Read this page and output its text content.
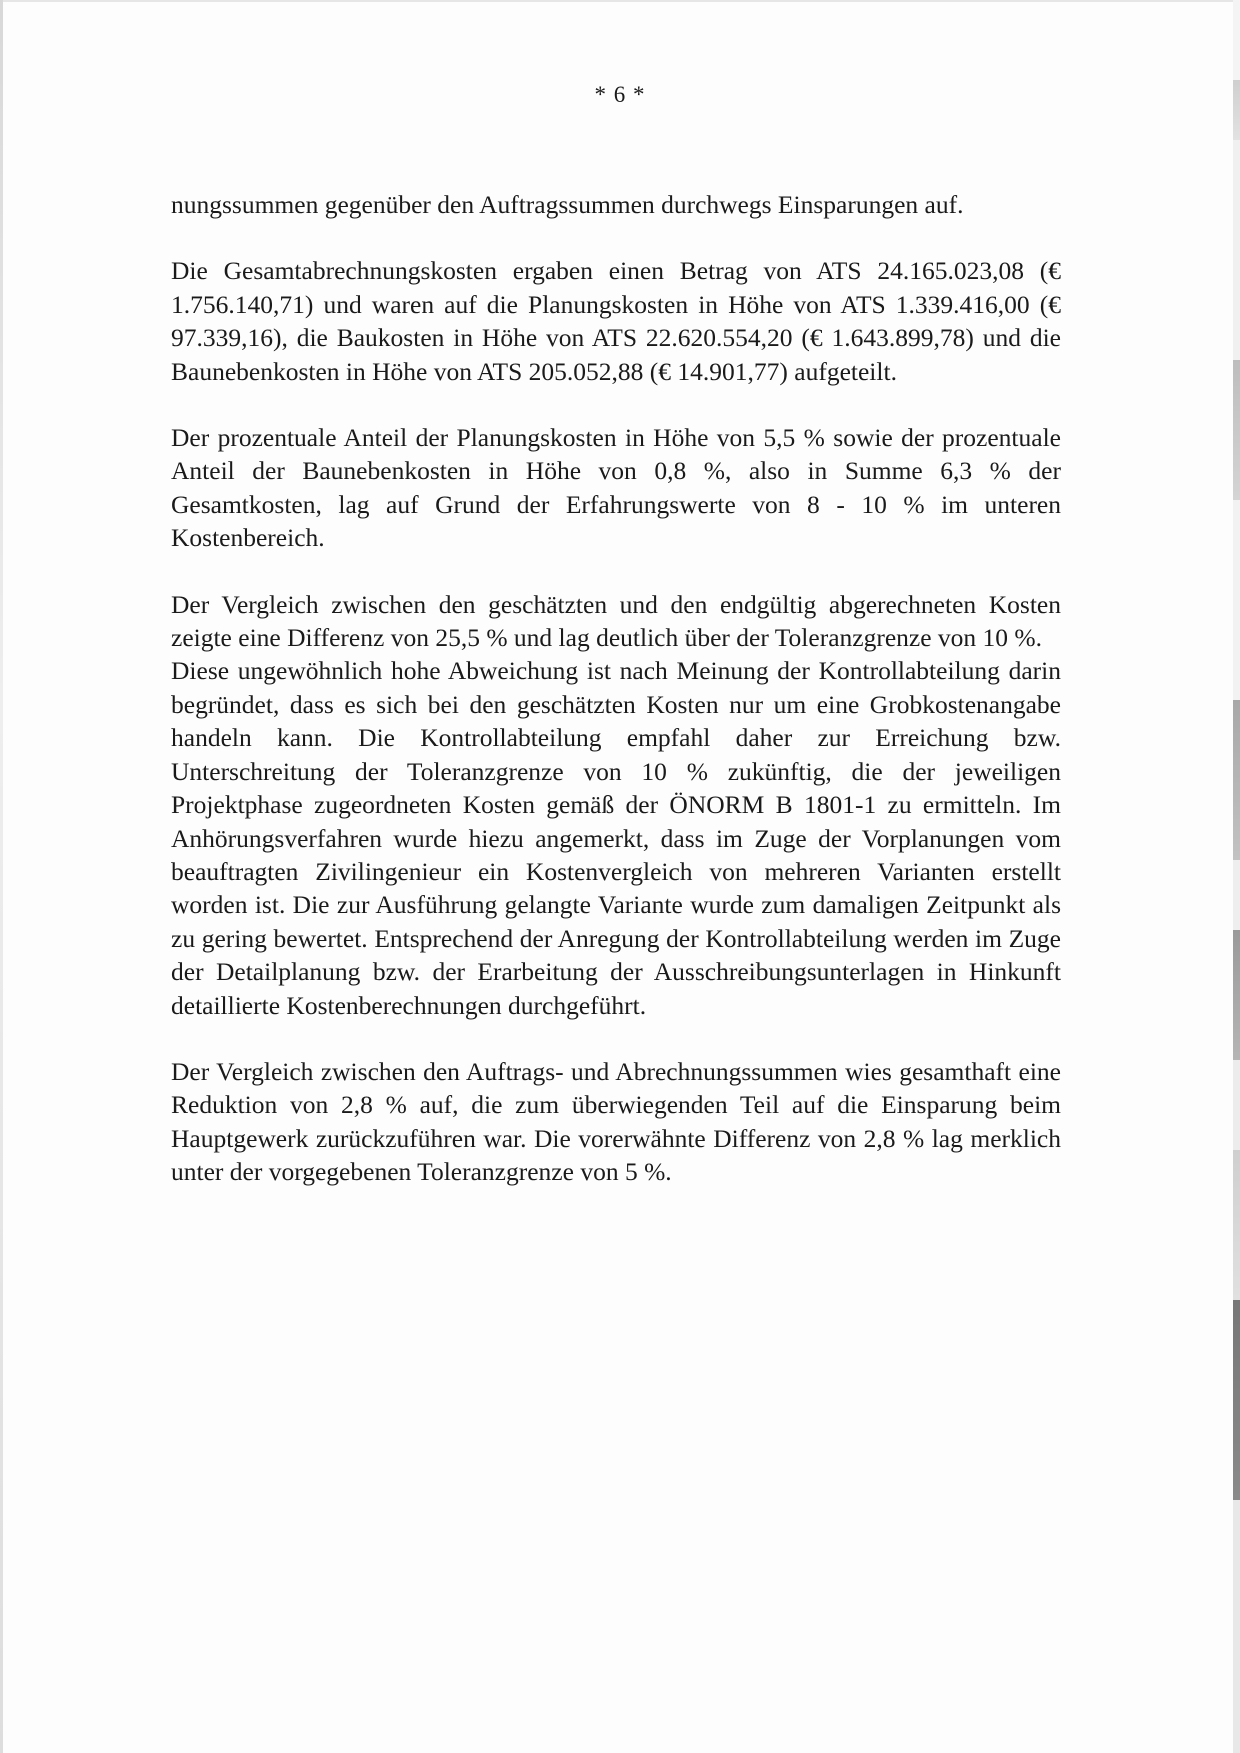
* 6 *

nungssummen gegenüber den Auftragssummen durchwegs Einsparungen auf.

Die Gesamtabrechnungskosten ergaben einen Betrag von ATS 24.165.023,08 (€ 1.756.140,71) und waren auf die Planungskosten in Höhe von ATS 1.339.416,00 (€ 97.339,16), die Baukosten in Höhe von ATS 22.620.554,20 (€ 1.643.899,78) und die Baunebenkosten in Höhe von ATS 205.052,88 (€ 14.901,77) aufgeteilt.

Der prozentuale Anteil der Planungskosten in Höhe von 5,5 % sowie der prozentuale Anteil der Baunebenkosten in Höhe von 0,8 %, also in Summe 6,3 % der Gesamtkosten, lag auf Grund der Erfahrungswerte von 8 - 10 % im unteren Kostenbereich.

Der Vergleich zwischen den geschätzten und den endgültig abgerechneten Kosten zeigte eine Differenz von 25,5 % und lag deutlich über der Toleranzgrenze von 10 %.

Diese ungewöhnlich hohe Abweichung ist nach Meinung der Kontrollabteilung darin begründet, dass es sich bei den geschätzten Kosten nur um eine Grobkostenangabe handeln kann. Die Kontrollabteilung empfahl daher zur Erreichung bzw. Unterschreitung der Toleranzgrenze von 10 % zukünftig, die der jeweiligen Projektphase zugeordneten Kosten gemäß der ÖNORM B 1801-1 zu ermitteln. Im Anhörungsverfahren wurde hiezu angemerkt, dass im Zuge der Vorplanungen vom beauftragten Zivilingenieur ein Kostenvergleich von mehreren Varianten erstellt worden ist. Die zur Ausführung gelangte Variante wurde zum damaligen Zeitpunkt als zu gering bewertet. Entsprechend der Anregung der Kontrollabteilung werden im Zuge der Detailplanung bzw. der Erarbeitung der Ausschreibungsunterlagen in Hinkunft detaillierte Kostenberechnungen durchgeführt.

Der Vergleich zwischen den Auftrags- und Abrechnungssummen wies gesamthaft eine Reduktion von 2,8 % auf, die zum überwiegenden Teil auf die Einsparung beim Hauptgewerk zurückzuführen war. Die vorerwähnte Differenz von 2,8 % lag merklich unter der vorgegebenen Toleranzgrenze von 5 %.
